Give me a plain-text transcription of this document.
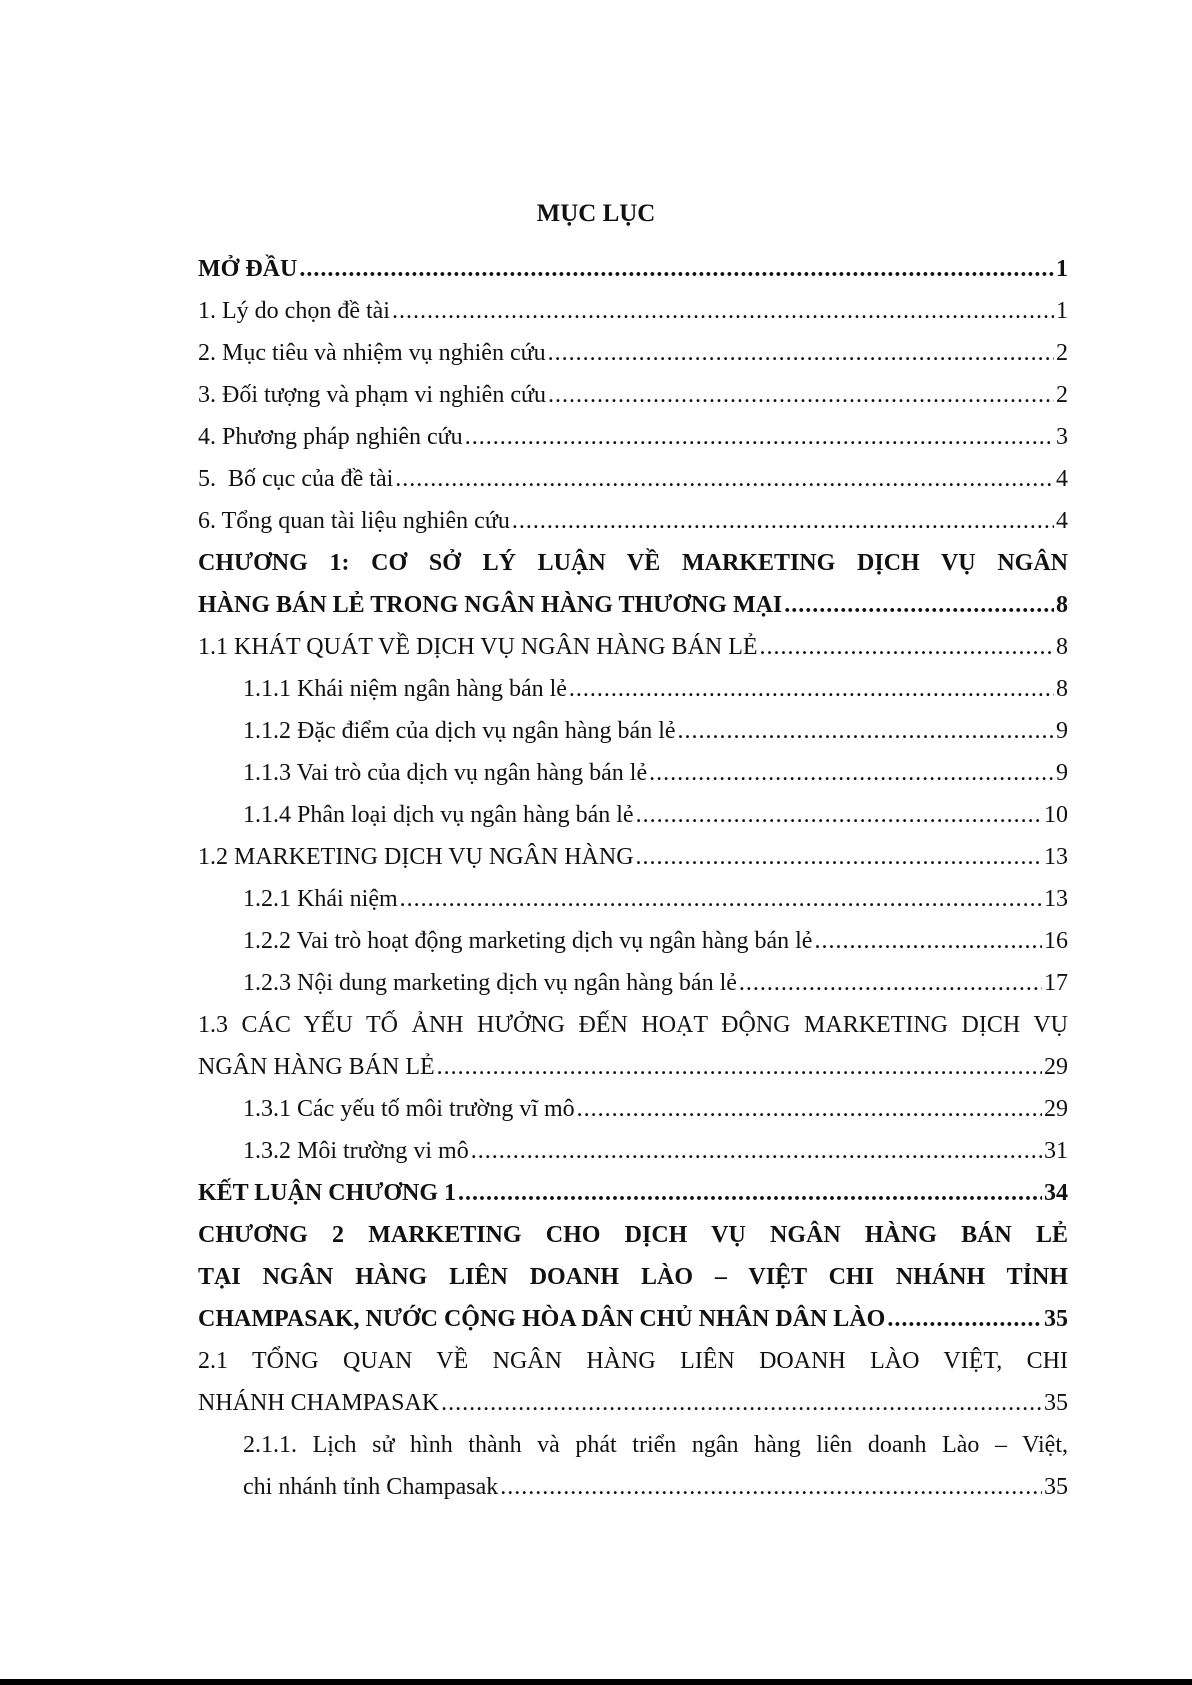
MỤC LỤC
MỞ ĐẦU .....	1
1. Lý do chọn đề tài .....	1
2. Mục tiêu và nhiệm vụ nghiên cứu .....	2
3. Đối tượng và phạm vi nghiên cứu .....	2
4. Phương pháp nghiên cứu .....	3
5.  Bố cục của đề tài .....	4
6. Tổng quan tài liệu nghiên cứu .....	4
CHƯƠNG 1: CƠ SỞ LÝ LUẬN VỀ MARKETING DỊCH VỤ NGÂN
HÀNG BÁN LẺ TRONG NGÂN HÀNG THƯƠNG MẠI .....	8
1.1 KHÁT QUÁT VỀ DỊCH VỤ NGÂN HÀNG BÁN LẺ .....	8
1.1.1 Khái niệm ngân hàng bán lẻ .....	8
1.1.2 Đặc điểm của dịch vụ ngân hàng bán lẻ .....	9
1.1.3 Vai trò của dịch vụ ngân hàng bán lẻ .....	9
1.1.4 Phân loại dịch vụ ngân hàng bán lẻ .....	10
1.2 MARKETING DỊCH VỤ NGÂN HÀNG .....	13
1.2.1 Khái niệm .....	13
1.2.2 Vai trò hoạt động marketing dịch vụ ngân hàng bán lẻ .....	16
1.2.3 Nội dung marketing dịch vụ ngân hàng bán lẻ .....	17
1.3 CÁC YẾU TỐ ẢNH HƯỞNG ĐẾN HOẠT ĐỘNG MARKETING DỊCH VỤ
NGÂN HÀNG BÁN LẺ .....	29
1.3.1 Các yếu tố môi trường vĩ mô .....	29
1.3.2 Môi trường vi mô .....	31
KẾT LUẬN CHƯƠNG 1 .....	34
CHƯƠNG 2 MARKETING CHO DỊCH VỤ NGÂN HÀNG BÁN LẺ
TẠI NGÂN HÀNG LIÊN DOANH LÀO – VIỆT CHI NHÁNH TỈNH
CHAMPASAK, NƯỚC CỘNG HÒA DÂN CHỦ NHÂN DÂN LÀO .....	35
2.1 TỔNG QUAN VỀ NGÂN HÀNG LIÊN DOANH LÀO VIỆT, CHI
NHÁNH CHAMPASAK .....	35
2.1.1. Lịch sử hình thành và phát triển ngân hàng liên doanh Lào – Việt,
chi nhánh tỉnh Champasak .....	35
